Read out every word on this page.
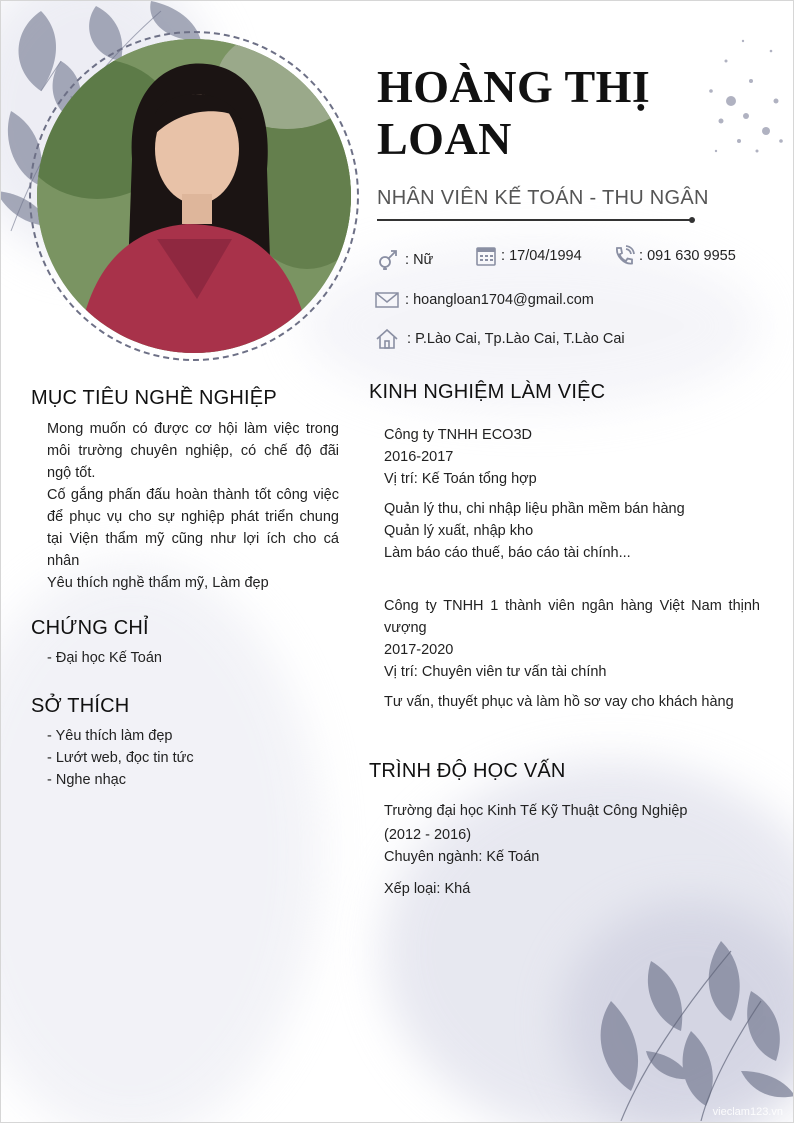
HOÀNG THỊ
LOAN
NHÂN VIÊN KẾ TOÁN - THU NGÂN
: Nữ	: 17/04/1994	: 091 630 9955
: hoangloan1704@gmail.com
: P.Lào Cai, Tp.Lào Cai, T.Lào Cai
MỤC TIÊU NGHỀ NGHIỆP
Mong muốn có được cơ hội làm việc trong môi trường chuyên nghiệp, có chế độ đãi ngộ tốt.
Cố gắng phấn đấu hoàn thành tốt công việc để phục vụ cho sự nghiệp phát triển chung tại Viện thẩm mỹ cũng như lợi ích cho cá nhân
Yêu thích nghề thẩm mỹ, Làm đẹp
CHỨNG CHỈ
- Đại học Kế Toán
SỞ THÍCH
- Yêu thích làm đẹp
- Lướt web, đọc tin tức
- Nghe nhạc
KINH NGHIỆM LÀM VIỆC
Công ty TNHH ECO3D
2016-2017
Vị trí: Kế Toán tổng hợp
Quản lý thu, chi nhập liệu phần mềm bán hàng
Quản lý xuất, nhập kho
Làm báo cáo thuế, báo cáo tài chính...
Công ty TNHH 1 thành viên ngân hàng Việt Nam thịnh vượng
2017-2020
Vị trí: Chuyên viên tư vấn tài chính
Tư vấn, thuyết phục và làm hồ sơ vay cho khách hàng
TRÌNH ĐỘ HỌC VẤN
Trường đại học Kinh Tế Kỹ Thuật Công Nghiệp
(2012 - 2016)
Chuyên ngành: Kế Toán
Xếp loại: Khá
vieclam123.vn
